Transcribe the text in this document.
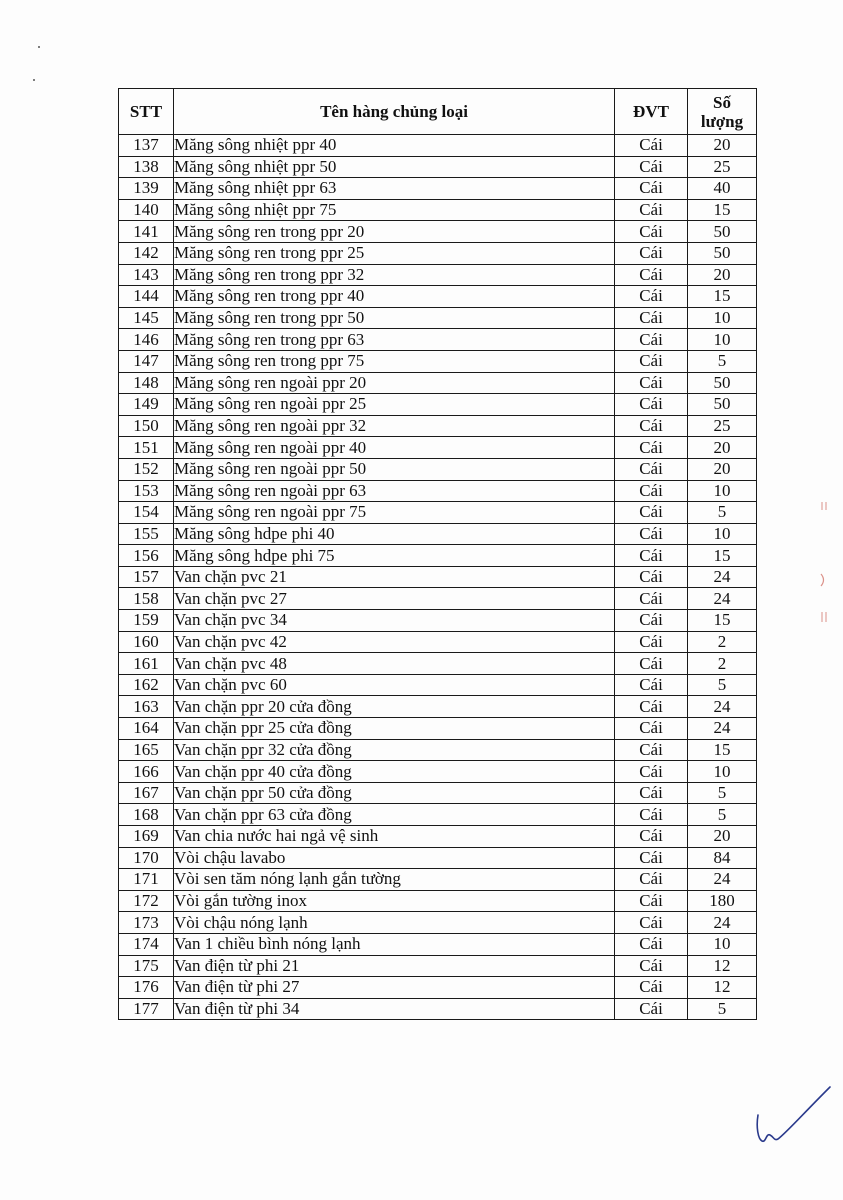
STT	Tên hàng chủng loại	ĐVT	Số
lượng
137	Măng sông nhiệt ppr 40	Cái	20
138	Măng sông nhiệt ppr 50	Cái	25
139	Măng sông nhiệt ppr 63	Cái	40
140	Măng sông nhiệt ppr 75	Cái	15
141	Măng sông ren trong ppr 20	Cái	50
142	Măng sông ren trong ppr 25	Cái	50
143	Măng sông ren trong ppr 32	Cái	20
144	Măng sông ren trong ppr 40	Cái	15
145	Măng sông ren trong ppr 50	Cái	10
146	Măng sông ren trong ppr 63	Cái	10
147	Măng sông ren trong ppr 75	Cái	5
148	Măng sông ren ngoài ppr 20	Cái	50
149	Măng sông ren ngoài ppr 25	Cái	50
150	Măng sông ren ngoài ppr 32	Cái	25
151	Măng sông ren ngoài ppr 40	Cái	20
152	Măng sông ren ngoài ppr 50	Cái	20
153	Măng sông ren ngoài ppr 63	Cái	10
154	Măng sông ren ngoài ppr 75	Cái	5
155	Măng sông hdpe phi 40	Cái	10
156	Măng sông hdpe phi 75	Cái	15
157	Van chặn pvc 21	Cái	24
158	Van chặn pvc 27	Cái	24
159	Van chặn pvc 34	Cái	15
160	Van chặn pvc 42	Cái	2
161	Van chặn pvc 48	Cái	2
162	Van chặn pvc 60	Cái	5
163	Van chặn ppr 20 cửa đồng	Cái	24
164	Van chặn ppr 25 cửa đồng	Cái	24
165	Van chặn ppr 32 cửa đồng	Cái	15
166	Van chặn ppr 40 cửa đồng	Cái	10
167	Van chặn ppr 50 cửa đồng	Cái	5
168	Van chặn ppr 63 cửa đồng	Cái	5
169	Van chia nước hai ngả vệ sinh	Cái	20
170	Vòi chậu lavabo	Cái	84
171	Vòi sen tăm nóng lạnh gắn tường	Cái	24
172	Vòi gắn tường inox	Cái	180
173	Vòi chậu nóng lạnh	Cái	24
174	Van 1 chiều bình nóng lạnh	Cái	10
175	Van điện từ phi 21	Cái	12
176	Van điện từ phi 27	Cái	12
177	Van điện từ phi 34	Cái	5
